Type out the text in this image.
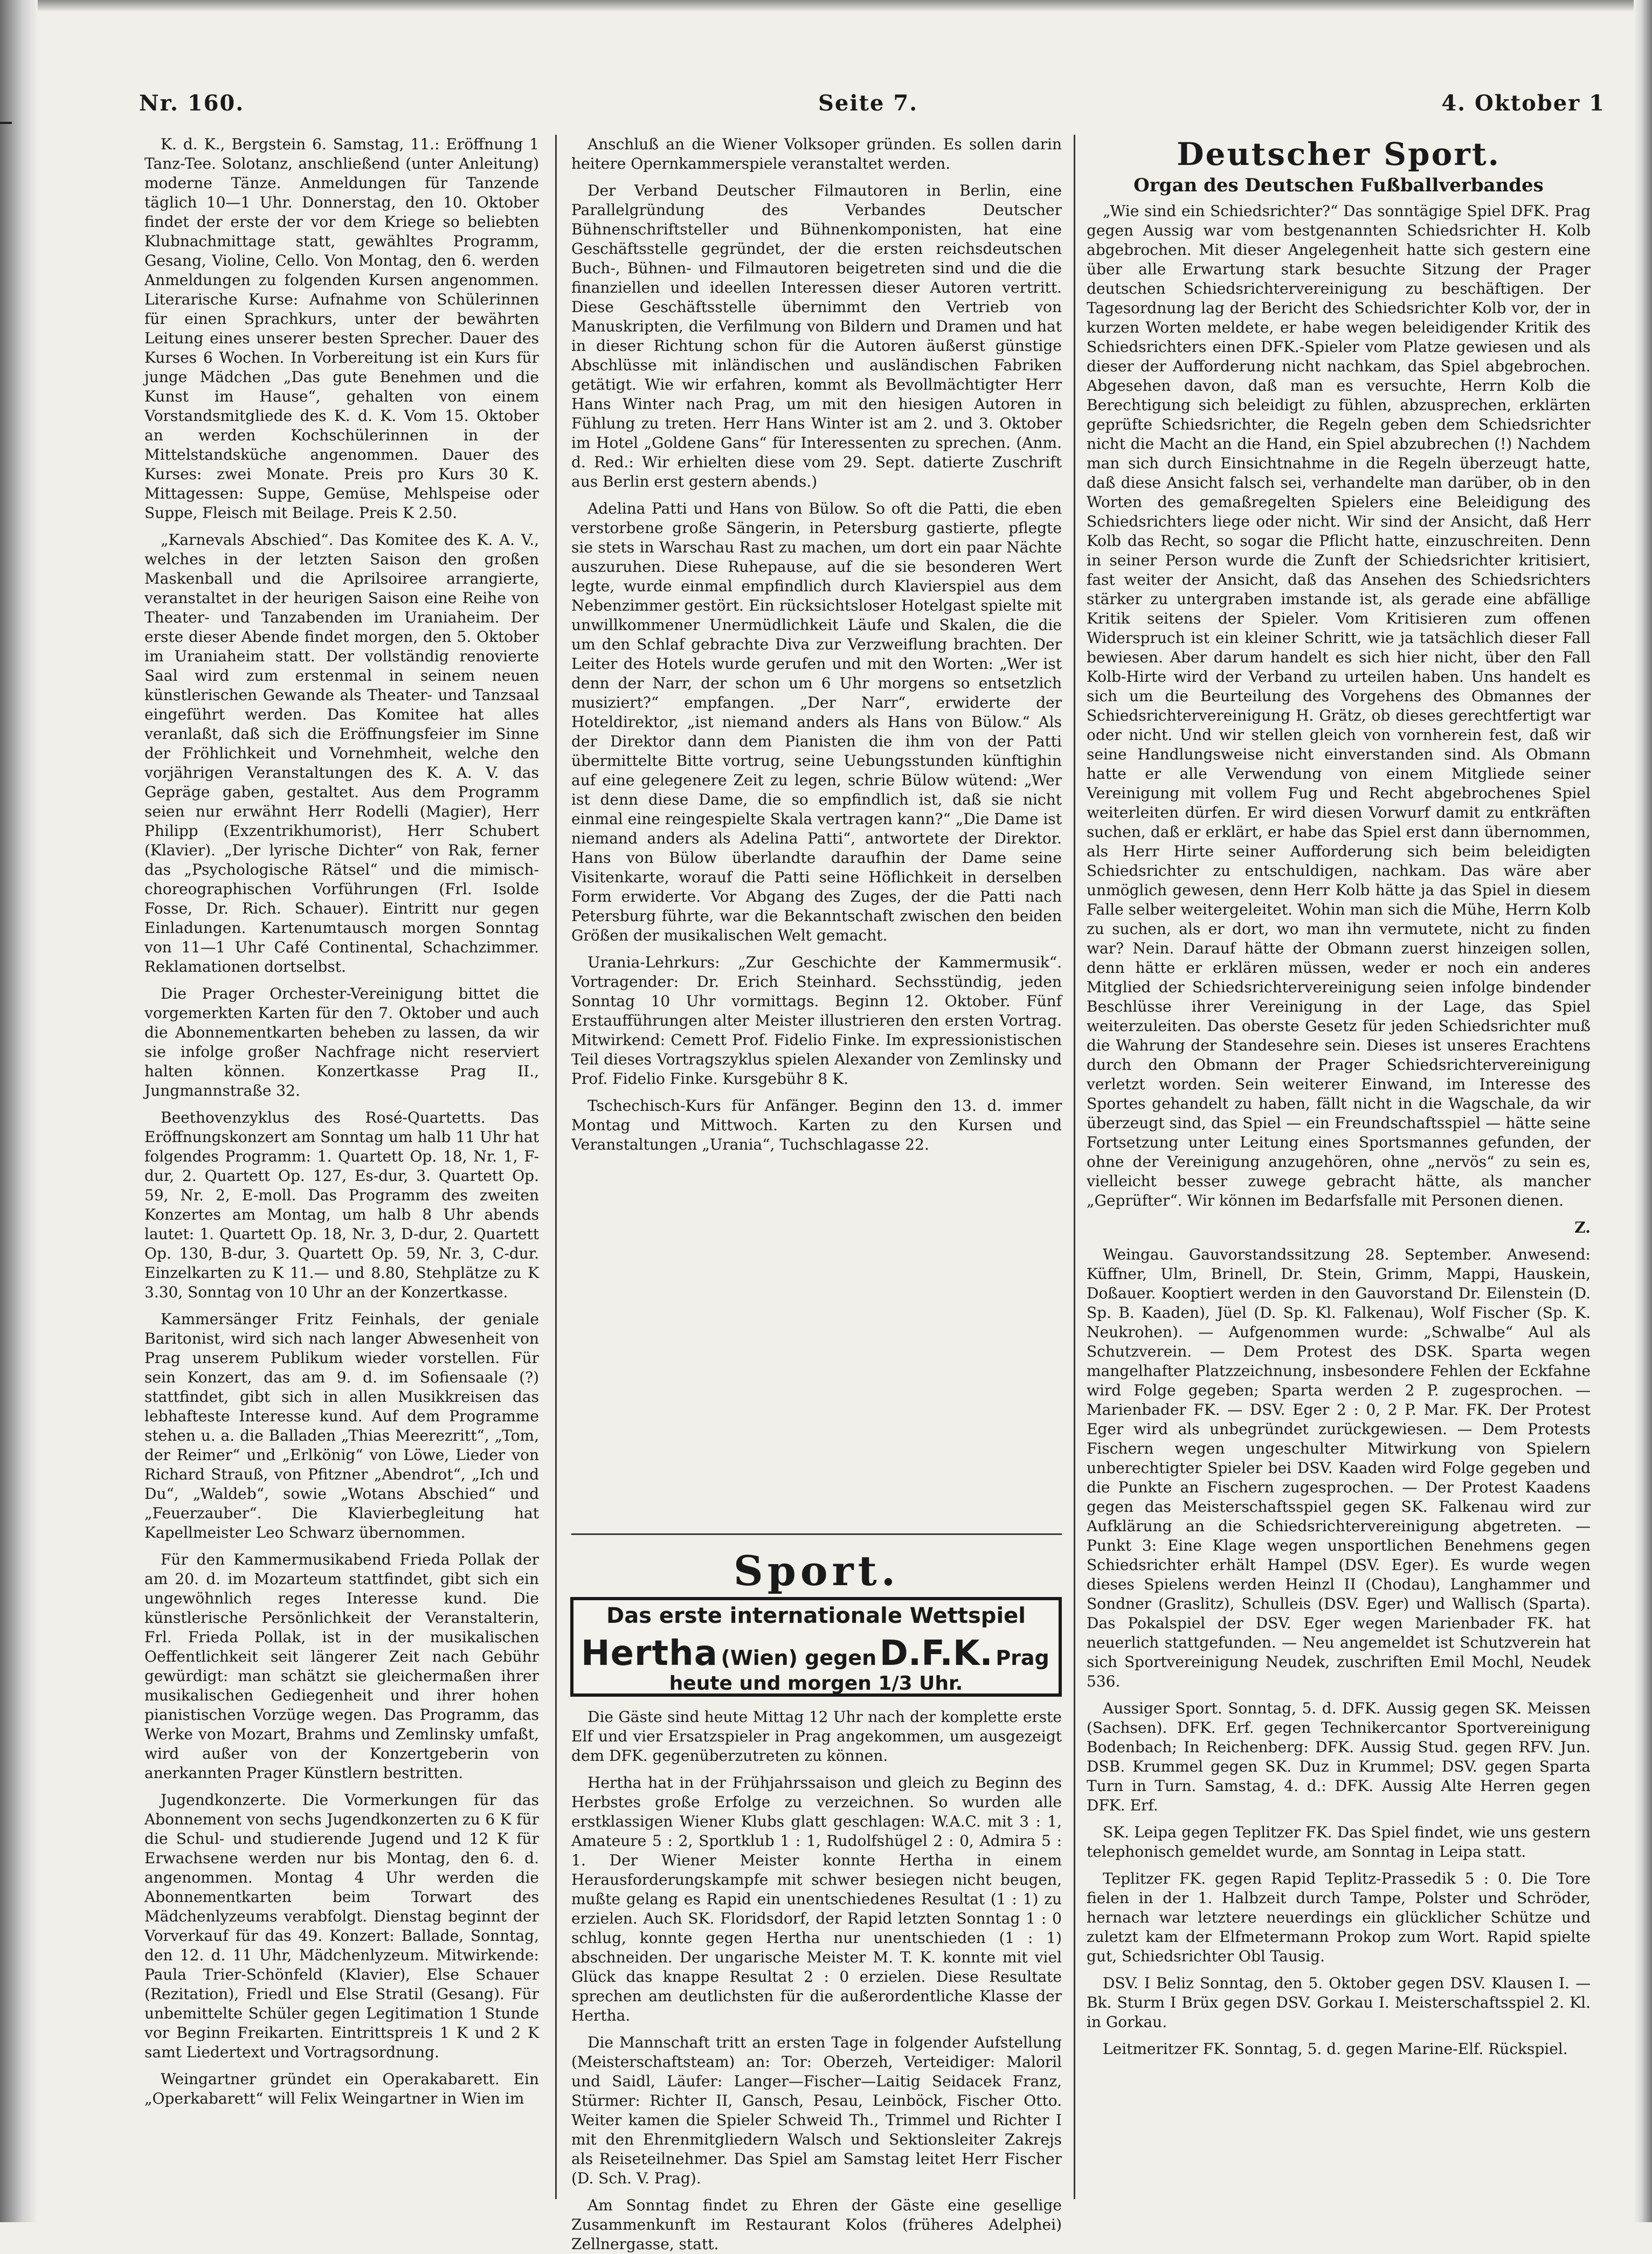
Nr. 160.	Seite 7.	4. Oktober 1

K. d. K., Bergstein 6. Samstag, 11.: Eröffnung 1 Tanz-Tee. Solotanz, anschließend (unter Anleitung) moderne Tänze. Anmeldungen für Tanzende täglich 10—1 Uhr. Donnerstag, den 10. Oktober findet der erste der vor dem Kriege so beliebten Klubnachmittage statt, gewähltes Programm, Gesang, Violine, Cello. Von Montag, den 6. werden Anmeldungen zu folgenden Kursen angenommen. Literarische Kurse: Aufnahme von Schülerinnen für einen Sprachkurs, unter der bewährten Leitung eines unserer besten Sprecher. Dauer des Kurses 6 Wochen. In Vorbereitung ist ein Kurs für junge Mädchen „Das gute Benehmen und die Kunst im Hause“, gehalten von einem Vorstandsmitgliede des K. d. K. Vom 15. Oktober an werden Kochschülerinnen in der Mittelstandsküche angenommen. Dauer des Kurses: zwei Monate. Preis pro Kurs 30 K. Mittagessen: Suppe, Gemüse, Mehlspeise oder Suppe, Fleisch mit Beilage. Preis K 2.50.

„Karnevals Abschied“. Das Komitee des K. A. V., welches in der letzten Saison den großen Maskenball und die Aprilsoiree arrangierte, veranstaltet in der heurigen Saison eine Reihe von Theater- und Tanzabenden im Uraniaheim. Der erste dieser Abende findet morgen, den 5. Oktober im Uraniaheim statt. Der vollständig renovierte Saal wird zum erstenmal in seinem neuen künstlerischen Gewande als Theater- und Tanzsaal eingeführt werden. Das Komitee hat alles veranlaßt, daß sich die Eröffnungsfeier im Sinne der Fröhlichkeit und Vornehmheit, welche den vorjährigen Veranstaltungen des K. A. V. das Gepräge gaben, gestaltet. Aus dem Programm seien nur erwähnt Herr Rodelli (Magier), Herr Philipp (Exzentrikhumorist), Herr Schubert (Klavier). „Der lyrische Dichter“ von Rak, ferner das „Psychologische Rätsel“ und die mimisch-choreographischen Vorführungen (Frl. Isolde Fosse, Dr. Rich. Schauer). Eintritt nur gegen Einladungen. Kartenumtausch morgen Sonntag von 11—1 Uhr Café Continental, Schachzimmer. Reklamationen dortselbst.

Die Prager Orchester-Vereinigung bittet die vorgemerkten Karten für den 7. Oktober und auch die Abonnementkarten beheben zu lassen, da wir sie infolge großer Nachfrage nicht reserviert halten können. Konzertkasse Prag II., Jungmannstraße 32.

Beethovenzyklus des Rosé-Quartetts. Das Eröffnungskonzert am Sonntag um halb 11 Uhr hat folgendes Programm: 1. Quartett Op. 18, Nr. 1, F-dur, 2. Quartett Op. 127, Es-dur, 3. Quartett Op. 59, Nr. 2, E-moll. Das Programm des zweiten Konzertes am Montag, um halb 8 Uhr abends lautet: 1. Quartett Op. 18, Nr. 3, D-dur, 2. Quartett Op. 130, B-dur, 3. Quartett Op. 59, Nr. 3, C-dur. Einzelkarten zu K 11.— und 8.80, Stehplätze zu K 3.30, Sonntag von 10 Uhr an der Konzertkasse.

Kammersänger Fritz Feinhals, der geniale Baritonist, wird sich nach langer Abwesenheit von Prag unserem Publikum wieder vorstellen. Für sein Konzert, das am 9. d. im Sofiensaale (?) stattfindet, gibt sich in allen Musikkreisen das lebhafteste Interesse kund. Auf dem Programme stehen u. a. die Balladen „Thias Meerezritt“, „Tom, der Reimer“ und „Erlkönig“ von Löwe, Lieder von Richard Strauß, von Pfitzner „Abendrot“, „Ich und Du“, „Waldeb“, sowie „Wotans Abschied“ und „Feuerzauber“. Die Klavierbegleitung hat Kapellmeister Leo Schwarz übernommen.

Für den Kammermusikabend Frieda Pollak der am 20. d. im Mozarteum stattfindet, gibt sich ein ungewöhnlich reges Interesse kund. Die künstlerische Persönlichkeit der Veranstalterin, Frl. Frieda Pollak, ist in der musikalischen Oeffentlichkeit seit längerer Zeit nach Gebühr gewürdigt: man schätzt sie gleichermaßen ihrer musikalischen Gediegenheit und ihrer hohen pianistischen Vorzüge wegen. Das Programm, das Werke von Mozart, Brahms und Zemlinsky umfaßt, wird außer von der Konzertgeberin von anerkannten Prager Künstlern bestritten.

Jugendkonzerte. Die Vormerkungen für das Abonnement von sechs Jugendkonzerten zu 6 K für die Schul- und studierende Jugend und 12 K für Erwachsene werden nur bis Montag, den 6. d. angenommen. Montag 4 Uhr werden die Abonnementkarten beim Torwart des Mädchenlyzeums verabfolgt. Dienstag beginnt der Vorverkauf für das 49. Konzert: Ballade, Sonntag, den 12. d. 11 Uhr, Mädchenlyzeum. Mitwirkende: Paula Trier-Schönfeld (Klavier), Else Schauer (Rezitation), Friedl und Else Stratil (Gesang). Für unbemittelte Schüler gegen Legitimation 1 Stunde vor Beginn Freikarten. Eintrittspreis 1 K und 2 K samt Liedertext und Vortragsordnung.

Weingartner gründet ein Operakabarett. Ein „Operkabarett“ will Felix Weingartner in Wien im

Anschluß an die Wiener Volksoper gründen. Es sollen darin heitere Opernkammerspiele veranstaltet werden.

Der Verband Deutscher Filmautoren in Berlin, eine Parallelgründung des Verbandes Deutscher Bühnenschriftsteller und Bühnenkomponisten, hat eine Geschäftsstelle gegründet, der die ersten reichsdeutschen Buch-, Bühnen- und Filmautoren beigetreten sind und die die finanziellen und ideellen Interessen dieser Autoren vertritt. Diese Geschäftsstelle übernimmt den Vertrieb von Manuskripten, die Verfilmung von Bildern und Dramen und hat in dieser Richtung schon für die Autoren äußerst günstige Abschlüsse mit inländischen und ausländischen Fabriken getätigt. Wie wir erfahren, kommt als Bevollmächtigter Herr Hans Winter nach Prag, um mit den hiesigen Autoren in Fühlung zu treten. Herr Hans Winter ist am 2. und 3. Oktober im Hotel „Goldene Gans“ für Interessenten zu sprechen. (Anm. d. Red.: Wir erhielten diese vom 29. Sept. datierte Zuschrift aus Berlin erst gestern abends.)

Adelina Patti und Hans von Bülow. So oft die Patti, die eben verstorbene große Sängerin, in Petersburg gastierte, pflegte sie stets in Warschau Rast zu machen, um dort ein paar Nächte auszuruhen. Diese Ruhepause, auf die sie besonderen Wert legte, wurde einmal empfindlich durch Klavierspiel aus dem Nebenzimmer gestört. Ein rücksichtsloser Hotelgast spielte mit unwillkommener Unermüdlichkeit Läufe und Skalen, die die um den Schlaf gebrachte Diva zur Verzweiflung brachten. Der Leiter des Hotels wurde gerufen und mit den Worten: „Wer ist denn der Narr, der schon um 6 Uhr morgens so entsetzlich musiziert?“ empfangen. „Der Narr“, erwiderte der Hoteldirektor, „ist niemand anders als Hans von Bülow.“ Als der Direktor dann dem Pianisten die ihm von der Patti übermittelte Bitte vortrug, seine Uebungsstunden künftighin auf eine gelegenere Zeit zu legen, schrie Bülow wütend: „Wer ist denn diese Dame, die so empfindlich ist, daß sie nicht einmal eine reingespielte Skala vertragen kann?“ „Die Dame ist niemand anders als Adelina Patti“, antwortete der Direktor. Hans von Bülow überlandte daraufhin der Dame seine Visitenkarte, worauf die Patti seine Höflichkeit in derselben Form erwiderte. Vor Abgang des Zuges, der die Patti nach Petersburg führte, war die Bekanntschaft zwischen den beiden Größen der musikalischen Welt gemacht.

Urania-Lehrkurs: „Zur Geschichte der Kammermusik“. Vortragender: Dr. Erich Steinhard. Sechsstündig, jeden Sonntag 10 Uhr vormittags. Beginn 12. Oktober. Fünf Erstaufführungen alter Meister illustrieren den ersten Vortrag. Mitwirkend: Cemett Prof. Fidelio Finke. Im expressionistischen Teil dieses Vortragszyklus spielen Alexander von Zemlinsky und Prof. Fidelio Finke. Kursgebühr 8 K.

Tschechisch-Kurs für Anfänger. Beginn den 13. d. immer Montag und Mittwoch. Karten zu den Kursen und Veranstaltungen „Urania“, Tuchschlagasse 22.

Sport.
Das erste internationale Wettspiel
Hertha (Wien) gegen D.F.K. Prag
heute und morgen 1/3 Uhr.

Die Gäste sind heute Mittag 12 Uhr nach der komplette erste Elf und vier Ersatzspieler in Prag angekommen, um ausgezeigt dem DFK. gegenüberzutreten zu können.

Hertha hat in der Frühjahrssaison und gleich zu Beginn des Herbstes große Erfolge zu verzeichnen. So wurden alle erstklassigen Wiener Klubs glatt geschlagen: W.A.C. mit 3 : 1, Amateure 5 : 2, Sportklub 1 : 1, Rudolfshügel 2 : 0, Admira 5 : 1. Der Wiener Meister konnte Hertha in einem Herausforderungskampfe mit schwer besiegen nicht beugen, mußte gelang es Rapid ein unentschiedenes Resultat (1 : 1) zu erzielen. Auch SK. Floridsdorf, der Rapid letzten Sonntag 1 : 0 schlug, konnte gegen Hertha nur unentschieden (1 : 1) abschneiden. Der ungarische Meister M. T. K. konnte mit viel Glück das knappe Resultat 2 : 0 erzielen. Diese Resultate sprechen am deutlichsten für die außerordentliche Klasse der Hertha.

Die Mannschaft tritt an ersten Tage in folgender Aufstellung (Meisterschaftsteam) an: Tor: Oberzeh, Verteidiger: Maloril und Saidl, Läufer: Langer—Fischer—Laitig Seidacek Franz, Stürmer: Richter II, Gansch, Pesau, Leinböck, Fischer Otto. Weiter kamen die Spieler Schweid Th., Trimmel und Richter I mit den Ehrenmitgliedern Walsch und Sektionsleiter Zakrejs als Reiseteilnehmer. Das Spiel am Samstag leitet Herr Fischer (D. Sch. V. Prag).

Am Sonntag findet zu Ehren der Gäste eine gesellige Zusammenkunft im Restaurant Kolos (früheres Adelphei) Zellnergasse, statt.

Deutscher Sport.
Organ des Deutschen Fußballverbandes

„Wie sind ein Schiedsrichter?“ Das sonntägige Spiel DFK. Prag gegen Aussig war vom bestgenannten Schiedsrichter H. Kolb abgebrochen. Mit dieser Angelegenheit hatte sich gestern eine über alle Erwartung stark besuchte Sitzung der Prager deutschen Schiedsrichtervereinigung zu beschäftigen. Der Tagesordnung lag der Bericht des Schiedsrichter Kolb vor, der in kurzen Worten meldete, er habe wegen beleidigender Kritik des Schiedsrichters einen DFK.-Spieler vom Platze gewiesen und als dieser der Aufforderung nicht nachkam, das Spiel abgebrochen. Abgesehen davon, daß man es versuchte, Herrn Kolb die Berechtigung sich beleidigt zu fühlen, abzusprechen, erklärten geprüfte Schiedsrichter, die Regeln geben dem Schiedsrichter nicht die Macht an die Hand, ein Spiel abzubrechen (!) Nachdem man sich durch Einsichtnahme in die Regeln überzeugt hatte, daß diese Ansicht falsch sei, verhandelte man darüber, ob in den Worten des gemaßregelten Spielers eine Beleidigung des Schiedsrichters liege oder nicht. Wir sind der Ansicht, daß Herr Kolb das Recht, so sogar die Pflicht hatte, einzuschreiten. Denn in seiner Person wurde die Zunft der Schiedsrichter kritisiert, fast weiter der Ansicht, daß das Ansehen des Schiedsrichters stärker zu untergraben imstande ist, als gerade eine abfällige Kritik seitens der Spieler. Vom Kritisieren zum offenen Widerspruch ist ein kleiner Schritt, wie ja tatsächlich dieser Fall bewiesen. Aber darum handelt es sich hier nicht, über den Fall Kolb-Hirte wird der Verband zu urteilen haben. Uns handelt es sich um die Beurteilung des Vorgehens des Obmannes der Schiedsrichtervereinigung H. Grätz, ob dieses gerechtfertigt war oder nicht. Und wir stellen gleich von vornherein fest, daß wir seine Handlungsweise nicht einverstanden sind. Als Obmann hatte er alle Verwendung von einem Mitgliede seiner Vereinigung mit vollem Fug und Recht abgebrochenes Spiel weiterleiten dürfen. Er wird diesen Vorwurf damit zu entkräften suchen, daß er erklärt, er habe das Spiel erst dann übernommen, als Herr Hirte seiner Aufforderung sich beim beleidigten Schiedsrichter zu entschuldigen, nachkam. Das wäre aber unmöglich gewesen, denn Herr Kolb hätte ja das Spiel in diesem Falle selber weitergeleitet. Wohin man sich die Mühe, Herrn Kolb zu suchen, als er dort, wo man ihn vermutete, nicht zu finden war? Nein. Darauf hätte der Obmann zuerst hinzeigen sollen, denn hätte er erklären müssen, weder er noch ein anderes Mitglied der Schiedsrichtervereinigung seien infolge bindender Beschlüsse ihrer Vereinigung in der Lage, das Spiel weiterzuleiten. Das oberste Gesetz für jeden Schiedsrichter muß die Wahrung der Standesehre sein. Dieses ist unseres Erachtens durch den Obmann der Prager Schiedsrichtervereinigung verletzt worden. Sein weiterer Einwand, im Interesse des Sportes gehandelt zu haben, fällt nicht in die Wagschale, da wir überzeugt sind, das Spiel — ein Freundschaftsspiel — hätte seine Fortsetzung unter Leitung eines Sportsmannes gefunden, der ohne der Vereinigung anzugehören, ohne „nervös“ zu sein es, vielleicht besser zuwege gebracht hätte, als mancher „Geprüfter“. Wir können im Bedarfsfalle mit Personen dienen.

Z.

Weingau. Gauvorstandssitzung 28. September. Anwesend: Küffner, Ulm, Brinell, Dr. Stein, Grimm, Mappi, Hauskein, Doßauer. Kooptiert werden in den Gauvorstand Dr. Eilenstein (D. Sp. B. Kaaden), Jüel (D. Sp. Kl. Falkenau), Wolf Fischer (Sp. K. Neukrohen). — Aufgenommen wurde: „Schwalbe“ Aul als Schutzverein. — Dem Protest des DSK. Sparta wegen mangelhafter Platzzeichnung, insbesondere Fehlen der Eckfahne wird Folge gegeben; Sparta werden 2 P. zugesprochen. — Marienbader FK. — DSV. Eger 2 : 0, 2 P. Mar. FK. Der Protest Eger wird als unbegründet zurückgewiesen. — Dem Protests Fischern wegen ungeschulter Mitwirkung von Spielern unberechtigter Spieler bei DSV. Kaaden wird Folge gegeben und die Punkte an Fischern zugesprochen. — Der Protest Kaadens gegen das Meisterschaftsspiel gegen SK. Falkenau wird zur Aufklärung an die Schiedsrichtervereinigung abgetreten. — Punkt 3: Eine Klage wegen unsportlichen Benehmens gegen Schiedsrichter erhält Hampel (DSV. Eger). Es wurde wegen dieses Spielens werden Heinzl II (Chodau), Langhammer und Sondner (Graslitz), Schulleis (DSV. Eger) und Wallisch (Sparta). Das Pokalspiel der DSV. Eger wegen Marienbader FK. hat neuerlich stattgefunden. — Neu angemeldet ist Schutzverein hat sich Sportvereinigung Neudek, zuschriften Emil Mochl, Neudek 536.

Aussiger Sport. Sonntag, 5. d. DFK. Aussig gegen SK. Meissen (Sachsen). DFK. Erf. gegen Technikercantor Sportvereinigung Bodenbach; In Reichenberg: DFK. Aussig Stud. gegen RFV. Jun. DSB. Krummel gegen SK. Duz in Krummel; DSV. gegen Sparta Turn in Turn. Samstag, 4. d.: DFK. Aussig Alte Herren gegen DFK. Erf.

SK. Leipa gegen Teplitzer FK. Das Spiel findet, wie uns gestern telephonisch gemeldet wurde, am Sonntag in Leipa statt.

Teplitzer FK. gegen Rapid Teplitz-Prassedik 5 : 0. Die Tore fielen in der 1. Halbzeit durch Tampe, Polster und Schröder, hernach war letztere neuerdings ein glücklicher Schütze und zuletzt kam der Elfmetermann Prokop zum Wort. Rapid spielte gut, Schiedsrichter Obl Tausig.

DSV. I Beliz Sonntag, den 5. Oktober gegen DSV. Klausen I. — Bk. Sturm I Brüx gegen DSV. Gorkau I. Meisterschaftsspiel 2. Kl. in Gorkau.

Leitmeritzer FK. Sonntag, 5. d. gegen Marine-Elf. Rückspiel.
